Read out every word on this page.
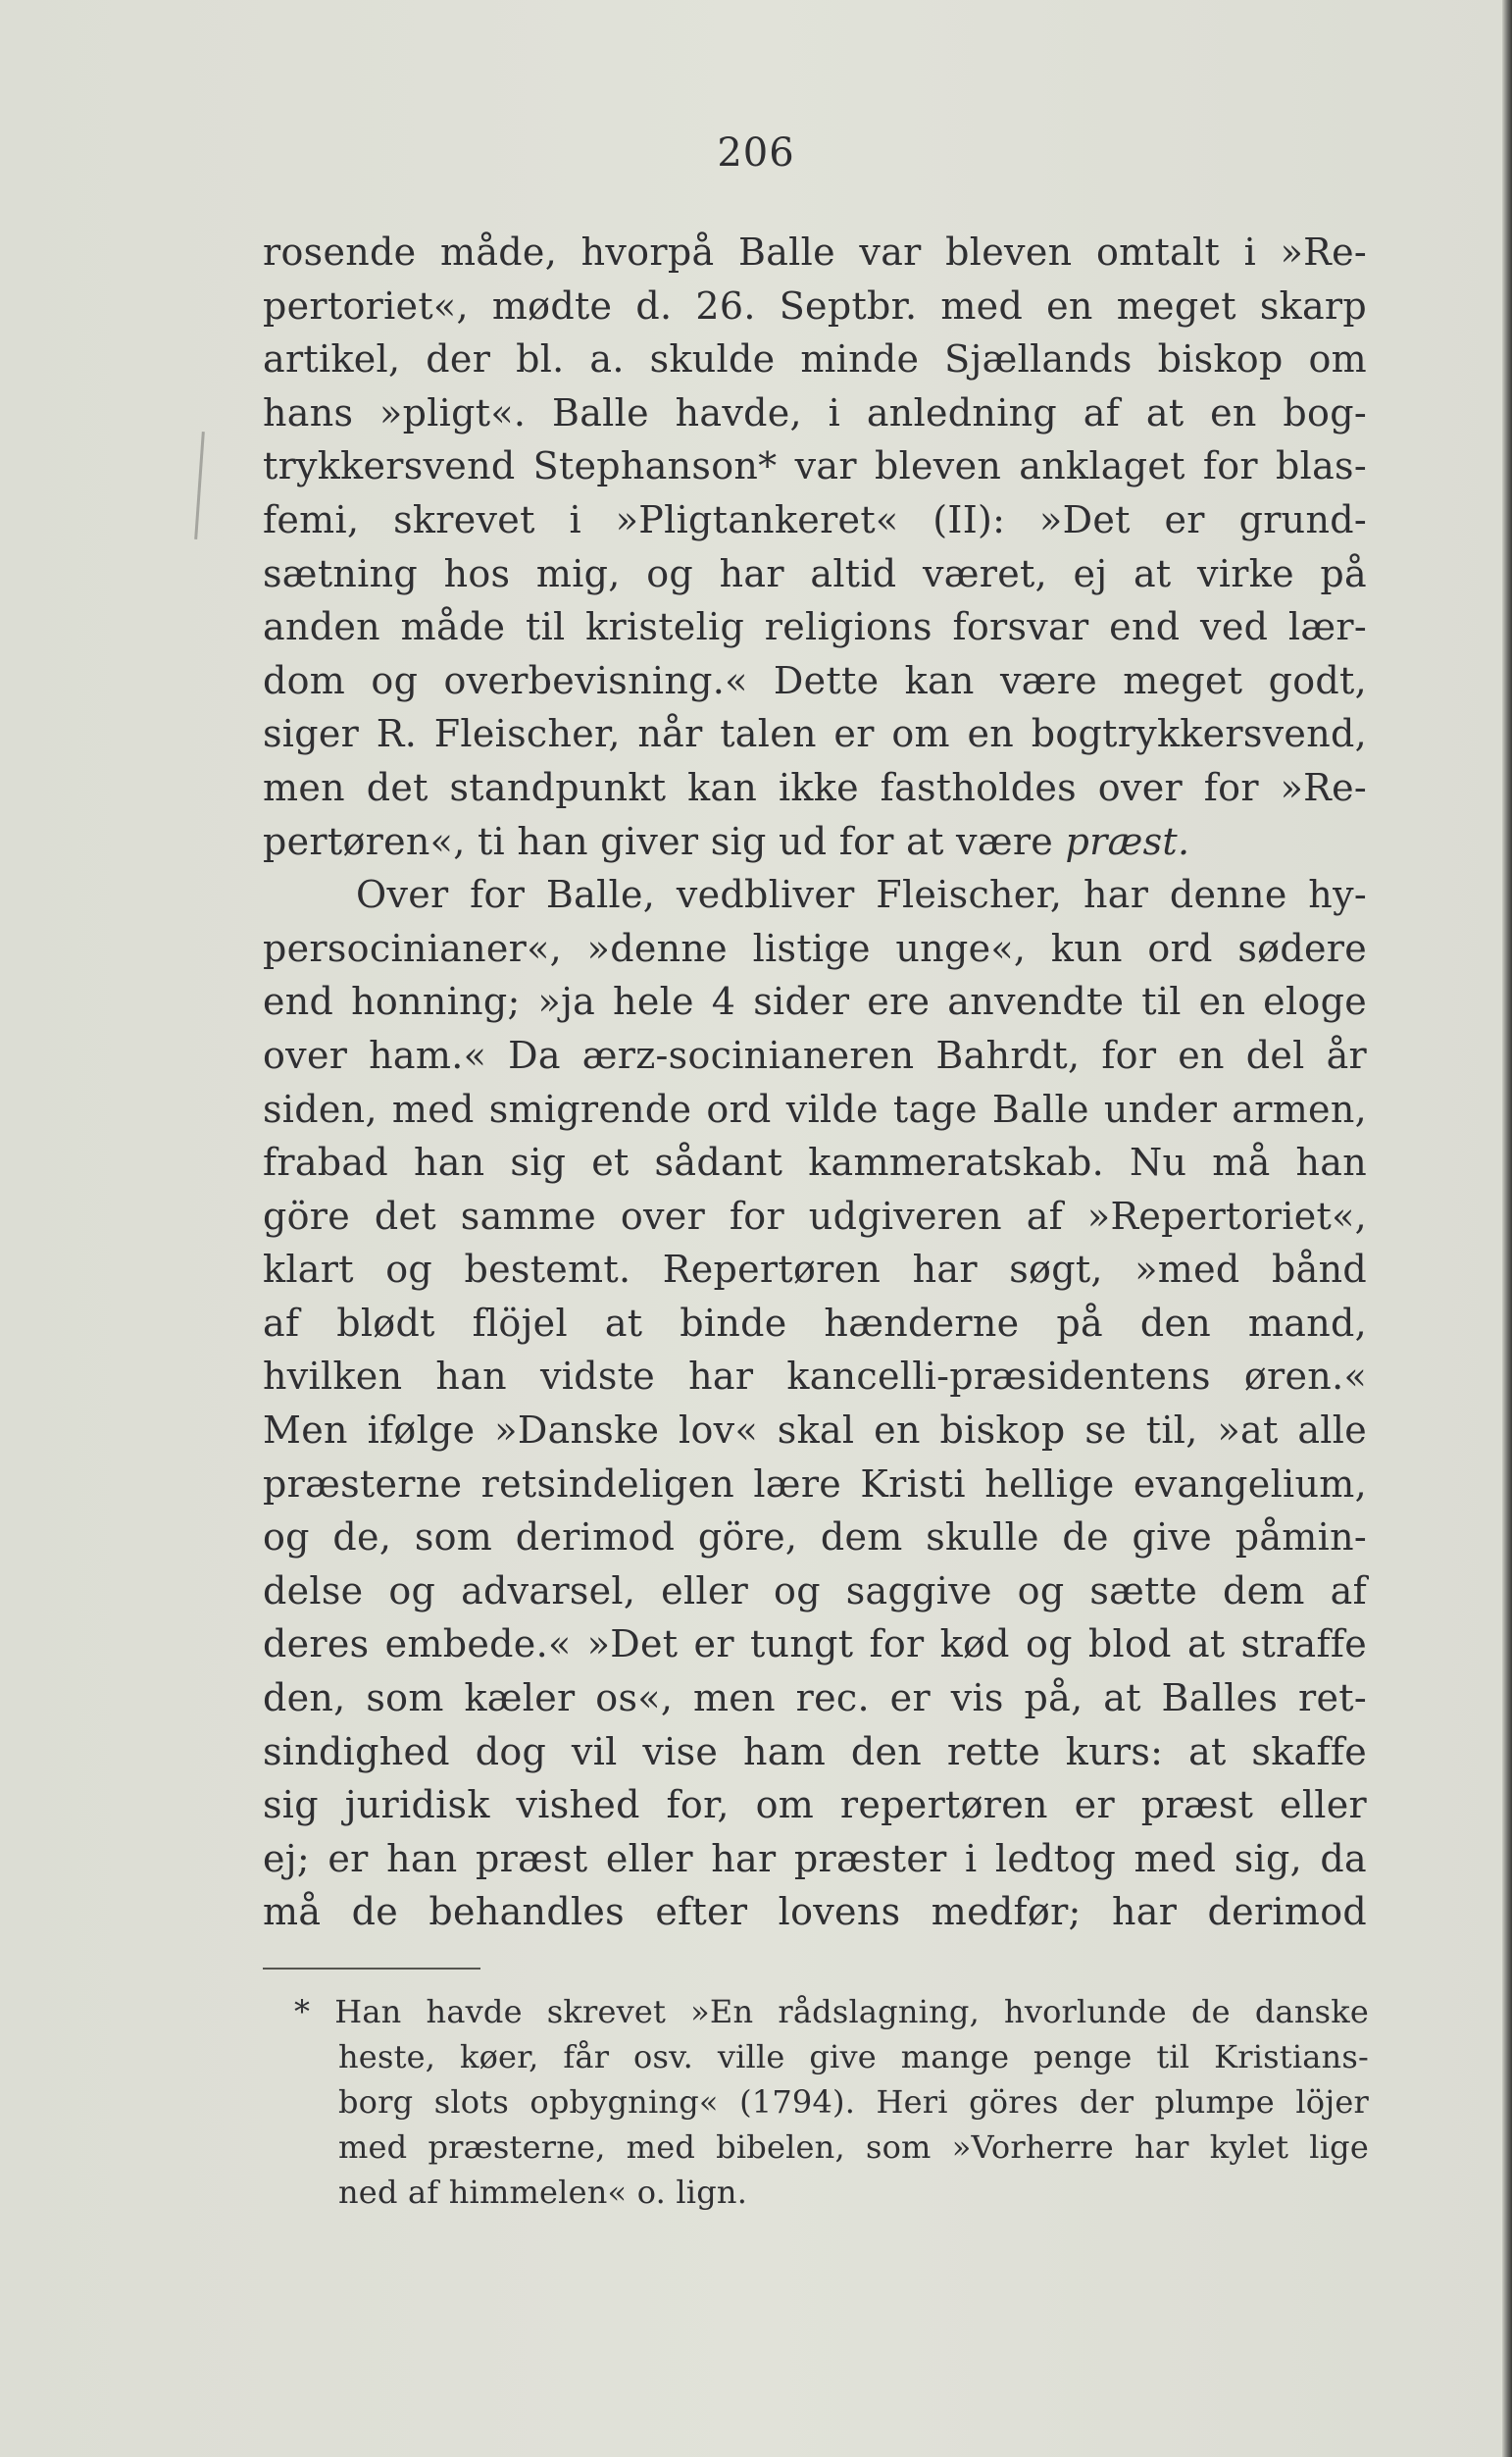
206
rosende måde, hvorpå Balle var bleven omtalt i »Re-
pertoriet«, mødte d. 26. Septbr. med en meget skarp
artikel, der bl. a. skulde minde Sjællands biskop om
hans »pligt«. Balle havde, i anledning af at en bog-
trykkersvend Stephanson* var bleven anklaget for blas-
femi, skrevet i »Pligtankeret« (II): »Det er grund-
sætning hos mig, og har altid været, ej at virke på
anden måde til kristelig religions forsvar end ved lær-
dom og overbevisning.« Dette kan være meget godt,
siger R. Fleischer, når talen er om en bogtrykkersvend,
men det standpunkt kan ikke fastholdes over for »Re-
pertøren«, ti han giver sig ud for at være præst.
Over for Balle, vedbliver Fleischer, har denne hy-
persocinianer«, »denne listige unge«, kun ord sødere
end honning; »ja hele 4 sider ere anvendte til en eloge
over ham.« Da ærz-socinianeren Bahrdt, for en del år
siden, med smigrende ord vilde tage Balle under armen,
frabad han sig et sådant kammeratskab. Nu må han
göre det samme over for udgiveren af »Repertoriet«,
klart og bestemt. Repertøren har søgt, »med bånd
af blødt flöjel at binde hænderne på den mand,
hvilken han vidste har kancelli-præsidentens øren.«
Men ifølge »Danske lov« skal en biskop se til, »at alle
præsterne retsindeligen lære Kristi hellige evangelium,
og de, som derimod göre, dem skulle de give påmin-
delse og advarsel, eller og saggive og sætte dem af
deres embede.« »Det er tungt for kød og blod at straffe
den, som kæler os«, men rec. er vis på, at Balles ret-
sindighed dog vil vise ham den rette kurs: at skaffe
sig juridisk vished for, om repertøren er præst eller
ej; er han præst eller har præster i ledtog med sig, da
må de behandles efter lovens medfør; har derimod
* Han havde skrevet »En rådslagning, hvorlunde de danske
heste, køer, får osv. ville give mange penge til Kristians-
borg slots opbygning« (1794). Heri göres der plumpe löjer
med præsterne, med bibelen, som »Vorherre har kylet lige
ned af himmelen« o. lign.
